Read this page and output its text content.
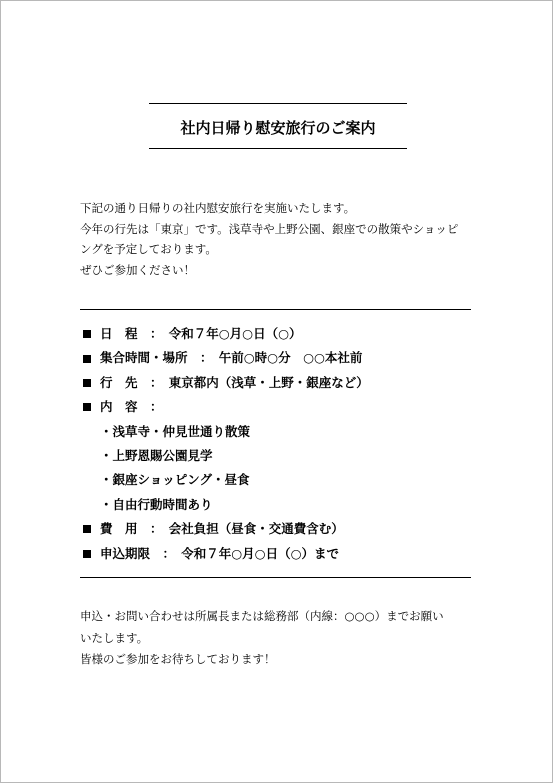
社内日帰り慰安旅行のご案内
下記の通り日帰りの社内慰安旅行を実施いたします。
今年の行先は「東京」です。浅草寺や上野公園、銀座での散策やショッピ
ングを予定しております。
ぜひご参加ください！
日　程　：　令和７年○月○日（○）
集合時間・場所　：　午前○時○分　○○本社前
行　先　：　東京都内（浅草・上野・銀座など）
内　容　：
・浅草寺・仲見世通り散策
・上野恩賜公園見学
・銀座ショッピング・昼食
・自由行動時間あり
費　用　：　会社負担（昼食・交通費含む）
申込期限　：　令和７年○月○日（○）まで
申込・お問い合わせは所属長または総務部（内線：○○○）までお願い
いたします。
皆様のご参加をお待ちしております！
